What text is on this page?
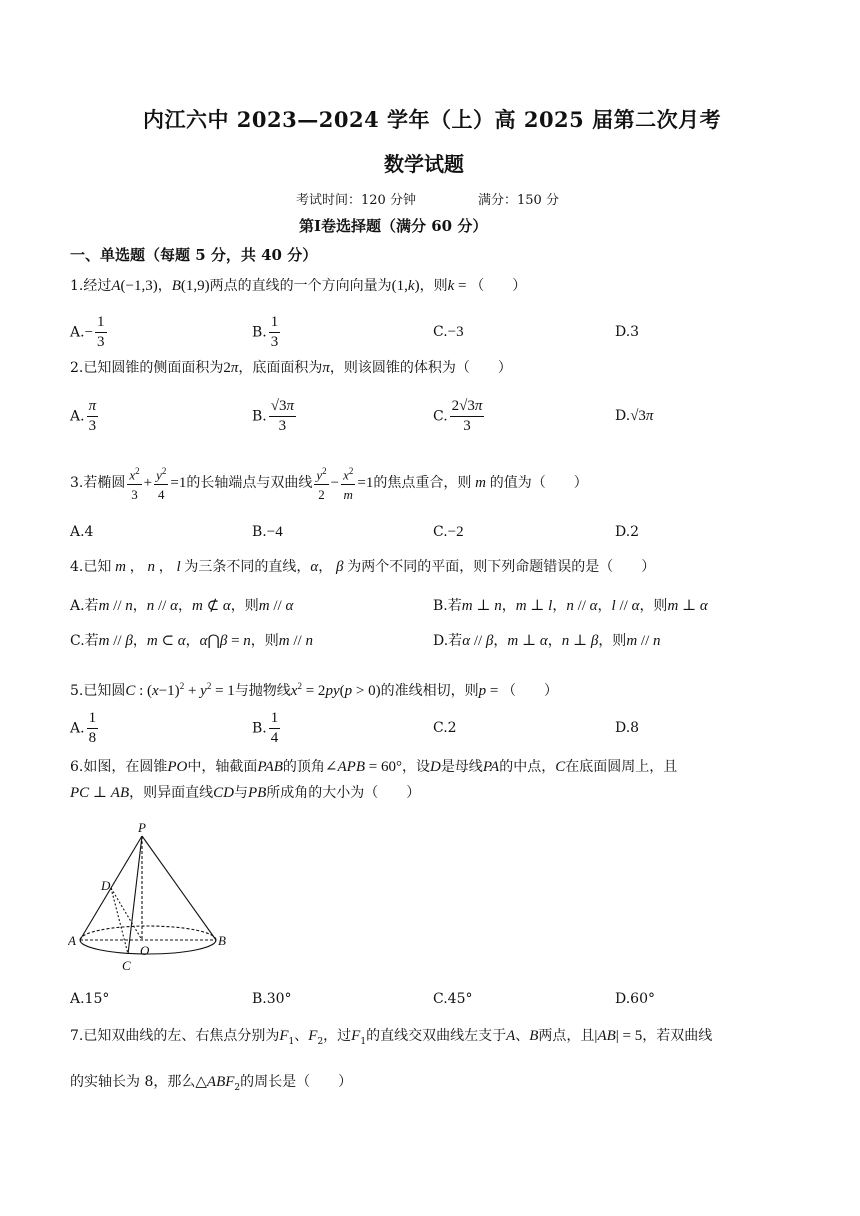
内江六中 2023—2024 学年（上）高 2025 届第二次月考
数学试题
考试时间：120 分钟	满分：150 分
第Ⅰ卷选择题（满分 60 分）
一、单选题（每题 5 分，共 40 分）
1.经过A(−1,3)，B(1,9)两点的直线的一个方向向量为(1,k)，则k = （　　）
$A.- \frac{1}{3}$	B. $\frac{1}{3}$	C.−3	D.3
2.已知圆锥的侧面面积为2π，底面面积为π，则该圆锥的体积为（　　）
A. $\frac{\pi}{3}$	B. $\frac{√3\pi}{3}$	C. $\frac{2√3\pi}{3}$	D.√3π
3.若椭圆 $\frac{x^2}{3} + \frac{y^2}{4} =1$的长轴端点与双曲线 $\frac{y^2}{2} - \frac{x^2}{m} =1$的焦点重合，则 m 的值为（　　）
A.4	B.−4	C.−2	D.2
4.已知 m ， n ， l 为三条不同的直线，α， β 为两个不同的平面，则下列命题错误的是（　　）
A.若m // n，n // α，m ⊄ α，则m // α	B.若m ⊥ n，m ⊥ l，n // α，l // α，则m ⊥ α
C.若m // β，m ⊂ α，α⋂β = n，则m // n	D.若α // β，m ⊥ α，n ⊥ β，则m // n
5.已知圆C : $(x-1)^2 + y^2 = 1$与抛物线$x^2 = 2py(p > 0)$的准线相切，则p = （　　）
A. $\frac{1}{8}$	B. $\frac{1}{4}$	C.2	D.8
6.如图，在圆锥PO中，轴截面PAB的顶角∠APB = 60°，设D是母线PA的中点，C在底面圆周上，且
PC ⊥ AB，则异面直线CD与PB所成角的大小为（　　）
P
D
A
O
B
C
A.15°	B.30°	C.45°	D.60°
7.已知双曲线的左、右焦点分别为$F_1$、$F_2$，过$F_1$的直线交双曲线左支于A、B两点，且|AB| = 5，若双曲线
的实轴长为 8，那么$\triangle ABF_2$的周长是（　　）
